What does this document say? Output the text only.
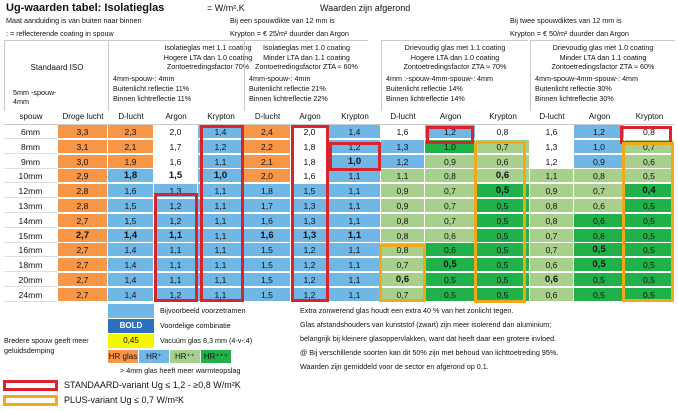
Ug-waarden tabel: Isolatieglas	= W/m².K	Waarden zijn afgerond
Maat aanduiding is van buiten naar binnen	Bij een spouwdikte van 12 mm is	Bij twee spouwdiktes van 12 mm is
: = reflecterende coating in spouw	Krypton = € 25/m² duurder dan Argon	Krypton = € 50/m² duurder dan Argon
Standaard ISO
5mm -spouw- 4mm
Isolatieglas met 1.1 coating
Hogere LTA dan 1.0 coating
Zontoetredingsfactor 70%
4mm-spouw-: 4mm
Buitenlicht reflectie 11%
Binnen lichtreflectie 11%
Isolatieglas met 1.0 coating
Minder LTA dan 1.1 coating
Zontoetredingsfactor ZTA ≈ 60%
4mm-spouw-: 4mm
Buitenlicht reflectie 21%
Binnen lichtreflectie 22%
Drievoudig glas met 1.1 coating
Hogere LTA dan 1.0 coating
Zontoetredingsfactor ZTA ≈ 70%
4mm :-spouw-4mm-spouw-: 4mm
Buitenlicht reflectie 14%
Binnen lichtreflectie 14%
Drievoudig glas met 1.0 coating
Minder LTA dan 1.1 coating
Zontoetredingsfactor ZTA ≈ 60%
4mm-spouw-4mm-spouw-: 4mm
Buitenlicht reflectie 30%
Binnen lichtreflectie 30%
spouw	Droge lucht	D-lucht	Argon	Krypton	D-lucht	Argon	Krypton	D-lucht	Argon	Krypton	D-lucht	Argon	Krypton
6mm	3,3	2,3	2,0	1,4	2,4	2,0	1,4	1,6	1,2	0,8	1,6	1,2	0,8
8mm	3,1	2,1	1,7	1,2	2,2	1,8	1,2	1,3	1,0	0,7	1,3	1,0	0,7
9mm	3,0	1,9	1,6	1,1	2,1	1,8	1,0	1,2	0,9	0,6	1,2	0,9	0,6
10mm	2,9	1,8	1,5	1,0	2,0	1,6	1,1	1,1	0,8	0,6	1,1	0,8	0,5
12mm	2,8	1,6	1,3	1,1	1,8	1,5	1,1	0,9	0,7	0,5	0,9	0,7	0,4
13mm	2,8	1,5	1,2	1,1	1,7	1,3	1,1	0,9	0,7	0,5	0,8	0,6	0,5
14mm	2,7	1,5	1,2	1,1	1,6	1,3	1,1	0,8	0,7	0,5	0,8	0,6	0,5
15mm	2,7	1,4	1,1	1,1	1,6	1,3	1,1	0,8	0,6	0,5	0,7	0,6	0,5
16mm	2,7	1,4	1,1	1,1	1,5	1,2	1,1	0,8	0,6	0,5	0,7	0,5	0,5
18mm	2,7	1,4	1,1	1,1	1,5	1,2	1,1	0,7	0,5	0,5	0,6	0,5	0,5
20mm	2,7	1,4	1,1	1,1	1,5	1,2	1,1	0,6	0,5	0,5	0,6	0,5	0,5
24mm	2,7	1,4	1,2	1,1	1,5	1,2	1,1	0,7	0,5	0,5	0,6	0,5	0,5
Bijvoorbeeld voorzetramen
BOLD	Voordelige combinatie
0,45	Vacuüm glas 8,3 mm (4-v-:4)
Bredere spouw geeft meer
geluidsdemping
HR glas	HR⁺	HR⁺⁺	HR⁺⁺⁺
> 4mm glas heeft meer warmteopslag
Extra zonwerend glas houdt een extra 40 % van het zonlicht tegen.
Glas afstandshouders van kunststof (zwart) zijn meer isolerend dan aluminium;
belangrijk bij kleinere glasoppervlakken, want dat heeft daar een grotere invloed.
@ Bij verschillende soorten kan dit 50% zijn met behoud van lichttoetreding 95%.
Waarden zijn gemiddeld voor de sector en afgerond op 0,1.
STANDAARD-variant Ug ≤ 1,2 - ≥0,8 W/m²K
PLUS-variant Ug ≤ 0,7 W/m²K
